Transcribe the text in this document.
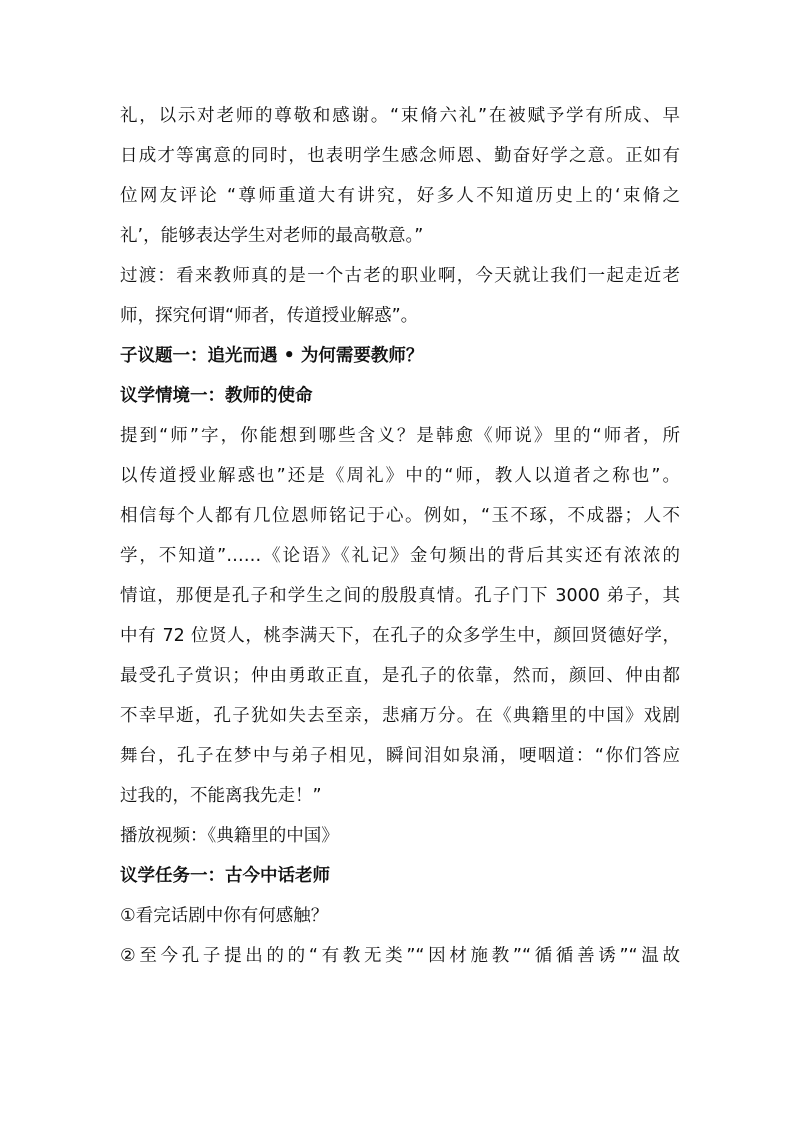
礼，以示对老师的尊敬和感谢。“束脩六礼”在被赋予学有所成、早
日成才等寓意的同时，也表明学生感念师恩、勤奋好学之意。正如有
位网友评论 “尊师重道大有讲究，好多人不知道历史上的‘束脩之
礼’，能够表达学生对老师的最高敬意。”
过渡：看来教师真的是一个古老的职业啊，今天就让我们一起走近老
师，探究何谓“师者，传道授业解惑”。
子议题一：追光而遇 • 为何需要教师？
议学情境一：教师的使命
提到“师”字，你能想到哪些含义？是韩愈《师说》里的“师者，所
以传道授业解惑也”还是《周礼》中的“师，教人以道者之称也”。
相信每个人都有几位恩师铭记于心。例如，“玉不琢，不成器；人不
学，不知道”……《论语》《礼记》金句频出的背后其实还有浓浓的
情谊，那便是孔子和学生之间的殷殷真情。孔子门下 3000 弟子，其
中有 72 位贤人，桃李满天下，在孔子的众多学生中，颜回贤德好学，
最受孔子赏识；仲由勇敢正直，是孔子的依靠，然而，颜回、仲由都
不幸早逝，孔子犹如失去至亲，悲痛万分。在《典籍里的中国》戏剧
舞台，孔子在梦中与弟子相见，瞬间泪如泉涌，哽咽道：“你们答应
过我的，不能离我先走！”
播放视频：《典籍里的中国》
议学任务一：古今中话老师
①看完话剧中你有何感触？
②至今孔子提出的的“有教无类”“因材施教”“循循善诱”“温故
